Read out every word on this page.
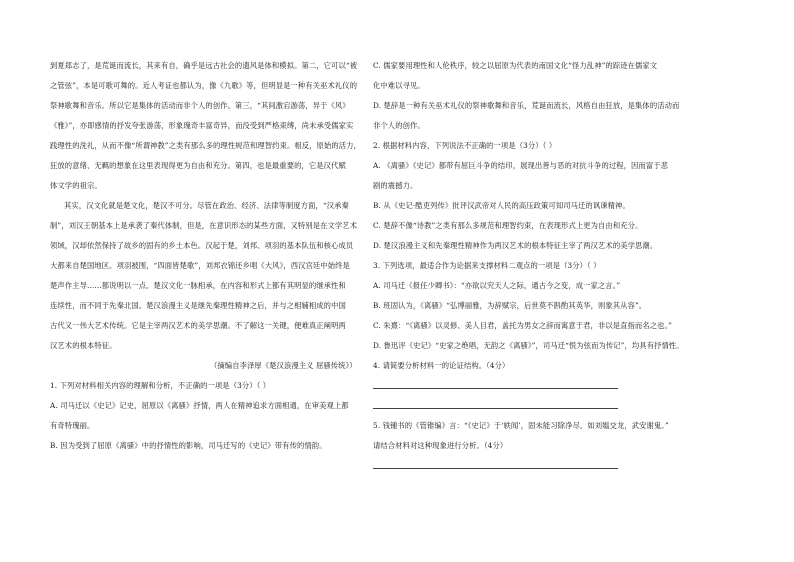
到夏郑志了，是荒诞而流长，其来有自，确乎是远古社会的遗风是体和模拟。第二，它可以“被
之管弦”，本是可歌可舞的。近人考证也都认为，像《九歌》等，但明显是一种有关巫术礼仪的
祭神歌舞和音乐。所以它是集体的活动而非个人的创作。第三，“其间激宕游荡，异于《风》
《雅》”，亦即感情的抒发夸张游荡，形象瑰奇丰富奇异，而没受到严格束缚，尚未承受儒家实
践理性的洗礼，从而不像“所谓神教”之类有那么多的理性规范和理智约束。相反，原始的活力，
狂放的意绪、无羁的想象在这里表现得更为自由和充分。第四，也是最重要的，它是汉代赋
体文学的祖宗。
其实，汉文化就是楚文化，楚汉不可分。尽管在政治、经济、法律等制度方面，“汉承秦
制”，刘汉王朝基本上是承袭了秦代体制，但是，在意识形态的某些方面，又特别是在文学艺术
领域，汉却依然保持了故乡的固有的乡土本色。汉起于楚，刘邦、项羽的基本队伍和核心成员
大都来自楚国地区。项羽被围，“四面皆楚歌”，刘邦衣锦还乡唱《大风》，西汉宫廷中始终是
楚声作主导……都说明以一点。楚汉文化一脉相承，在内容和形式上都有其明显的继承性和
连续性，而不同于先秦北国。楚汉浪漫主义是继先秦理性精神之后，并与之相辅相成的中国
古代又一伟大艺术传统。它是主宰两汉艺术的美学思潮。不了解这一关键，便难真正阐明两
汉艺术的根本特征。
（摘编自李泽厚《楚汉浪漫主义 屈骚传统》）
1. 下列对材料相关内容的理解和分析，不正确的一项是（3分）（ ）
A. 司马迁以《史记》记史，屈原以《离骚》抒情，两人在精神追求方面相通，在审美观上都
有奇特瑰丽。
B. 因为受到了屈原《离骚》中的抒情性的影响，司马迁写的《史记》带有传的情韵。
C. 儒家要用理性和人伦秩序，较之以屈原为代表的南国文化“怪力乱神”的踪迹在儒家文
化中难以寻见。
D. 楚辞是一种有关巫术礼仪的祭神歌舞和音乐，荒诞而流长，风格自由狂放，是集体的活动而
非个人的创作。
2. 根据材料内容，下列说法不正确的一项是（3分）（ ）
A. 《离骚》《史记》都带有屈巨斗争的结印，展现出善与恶的对抗斗争的过程，因而富于悲
剧的震撼力。
B. 从《史记·酷吏列传》批评汉武帝对人民的高压政策可知司马迁的讽谏精神。
C. 楚辞不像“诗教”之类有那么多规范和理智约束，在表现形式上更为自由和充分。
D. 楚汉浪漫主义和先秦理性精神作为两汉艺术的根本特征主宰了两汉艺术的美学思潮。
3. 下列选项，最适合作为论据来支撑材料二观点的一项是（3分）（ ）
A. 司马迁《报任少卿书》：“亦欲以究天人之际，通古今之变，成一家之言。”
B. 班固认为，《离骚》“弘博丽雅，为辞赋宗，后世莫不斟酌其英华，则象其从容”。
C. 朱熹：“《离骚》以灵修、美人目君，盖托为男女之辞而寓意于君，非以是直指而名之也。”
D. 鲁迅评《史记》“史家之绝唱，无韵之《离骚》”，司马迁“恨为弦而为传记”，均具有抒情性。
4. 请简要分析材料一的论证结构。（4分）
5. 钱锺书的《管锥编》言：“《史记》于‘轶闻’，固未能习除净尽，如刘媪交龙，武安谢鬼。”
请结合材料对这种现象进行分析。（4分）
